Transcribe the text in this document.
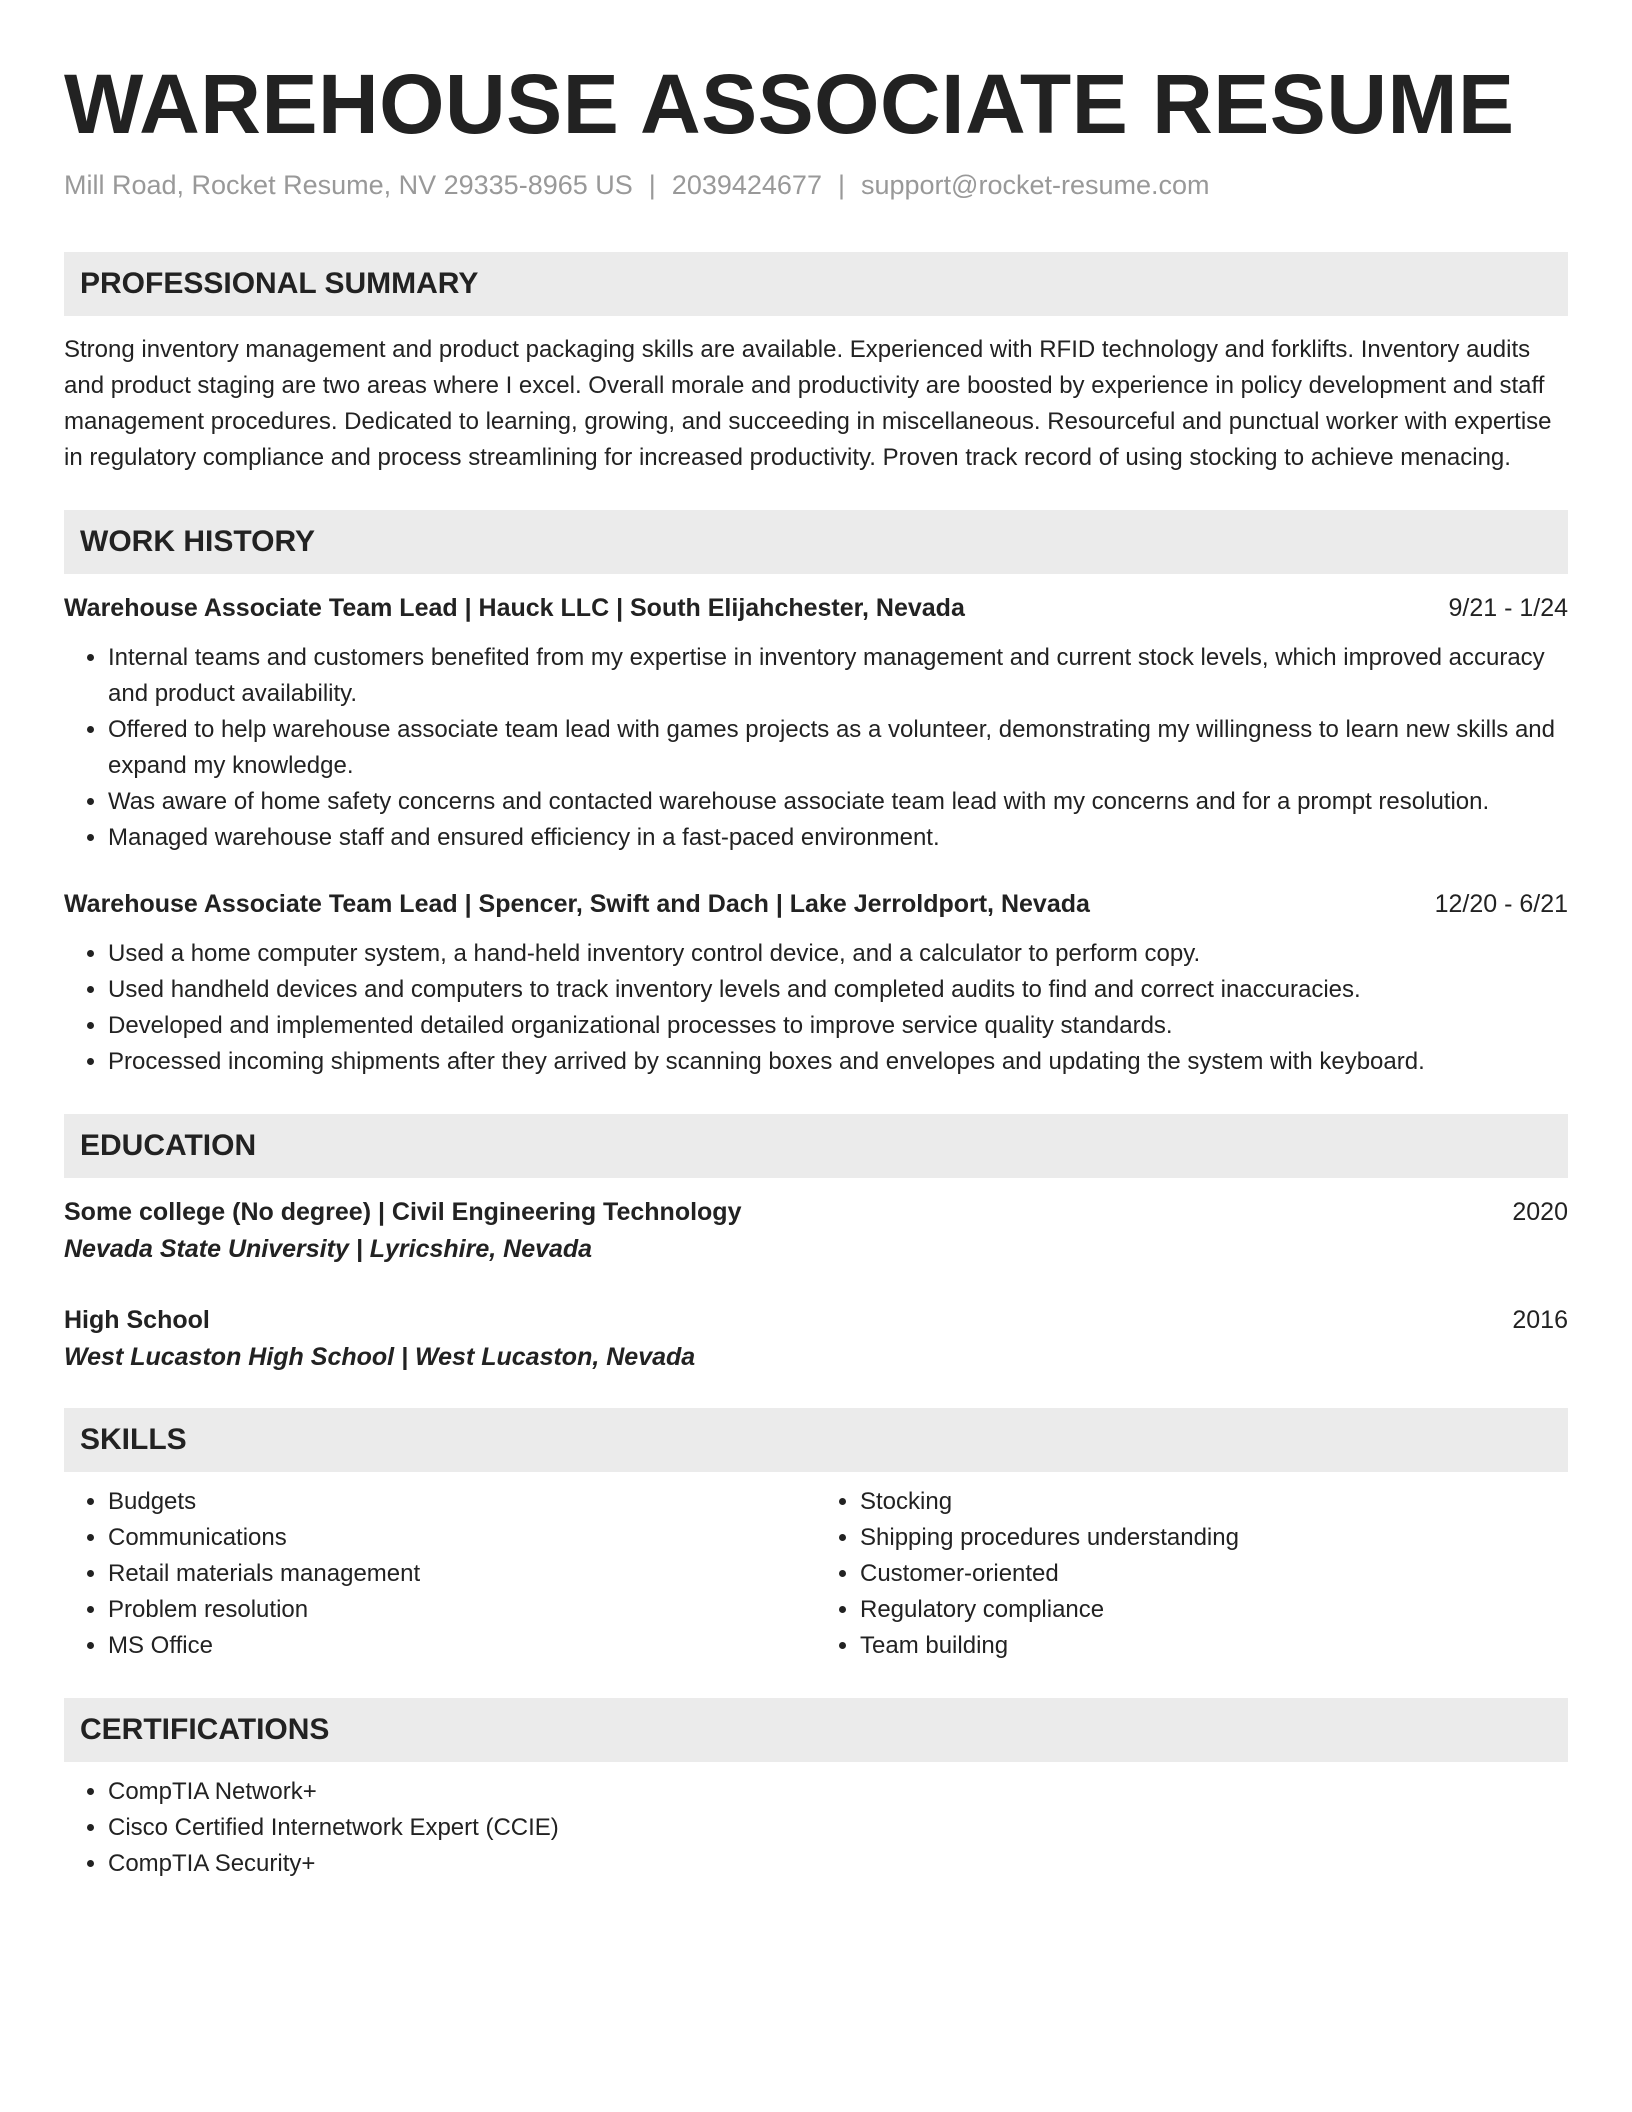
WAREHOUSE ASSOCIATE RESUME
Mill Road, Rocket Resume, NV 29335-8965 US | 2039424677 | support@rocket-resume.com
PROFESSIONAL SUMMARY
Strong inventory management and product packaging skills are available. Experienced with RFID technology and forklifts. Inventory audits and product staging are two areas where I excel. Overall morale and productivity are boosted by experience in policy development and staff management procedures. Dedicated to learning, growing, and succeeding in miscellaneous. Resourceful and punctual worker with expertise in regulatory compliance and process streamlining for increased productivity. Proven track record of using stocking to achieve menacing.
WORK HISTORY
Warehouse Associate Team Lead | Hauck LLC | South Elijahchester, Nevada	9/21 - 1/24
• Internal teams and customers benefited from my expertise in inventory management and current stock levels, which improved accuracy and product availability.
• Offered to help warehouse associate team lead with games projects as a volunteer, demonstrating my willingness to learn new skills and expand my knowledge.
• Was aware of home safety concerns and contacted warehouse associate team lead with my concerns and for a prompt resolution.
• Managed warehouse staff and ensured efficiency in a fast-paced environment.
Warehouse Associate Team Lead | Spencer, Swift and Dach | Lake Jerroldport, Nevada	12/20 - 6/21
• Used a home computer system, a hand-held inventory control device, and a calculator to perform copy.
• Used handheld devices and computers to track inventory levels and completed audits to find and correct inaccuracies.
• Developed and implemented detailed organizational processes to improve service quality standards.
• Processed incoming shipments after they arrived by scanning boxes and envelopes and updating the system with keyboard.
EDUCATION
Some college (No degree) | Civil Engineering Technology	2020
Nevada State University | Lyricshire, Nevada
High School	2016
West Lucaston High School | West Lucaston, Nevada
SKILLS
• Budgets
• Communications
• Retail materials management
• Problem resolution
• MS Office
• Stocking
• Shipping procedures understanding
• Customer-oriented
• Regulatory compliance
• Team building
CERTIFICATIONS
• CompTIA Network+
• Cisco Certified Internetwork Expert (CCIE)
• CompTIA Security+
